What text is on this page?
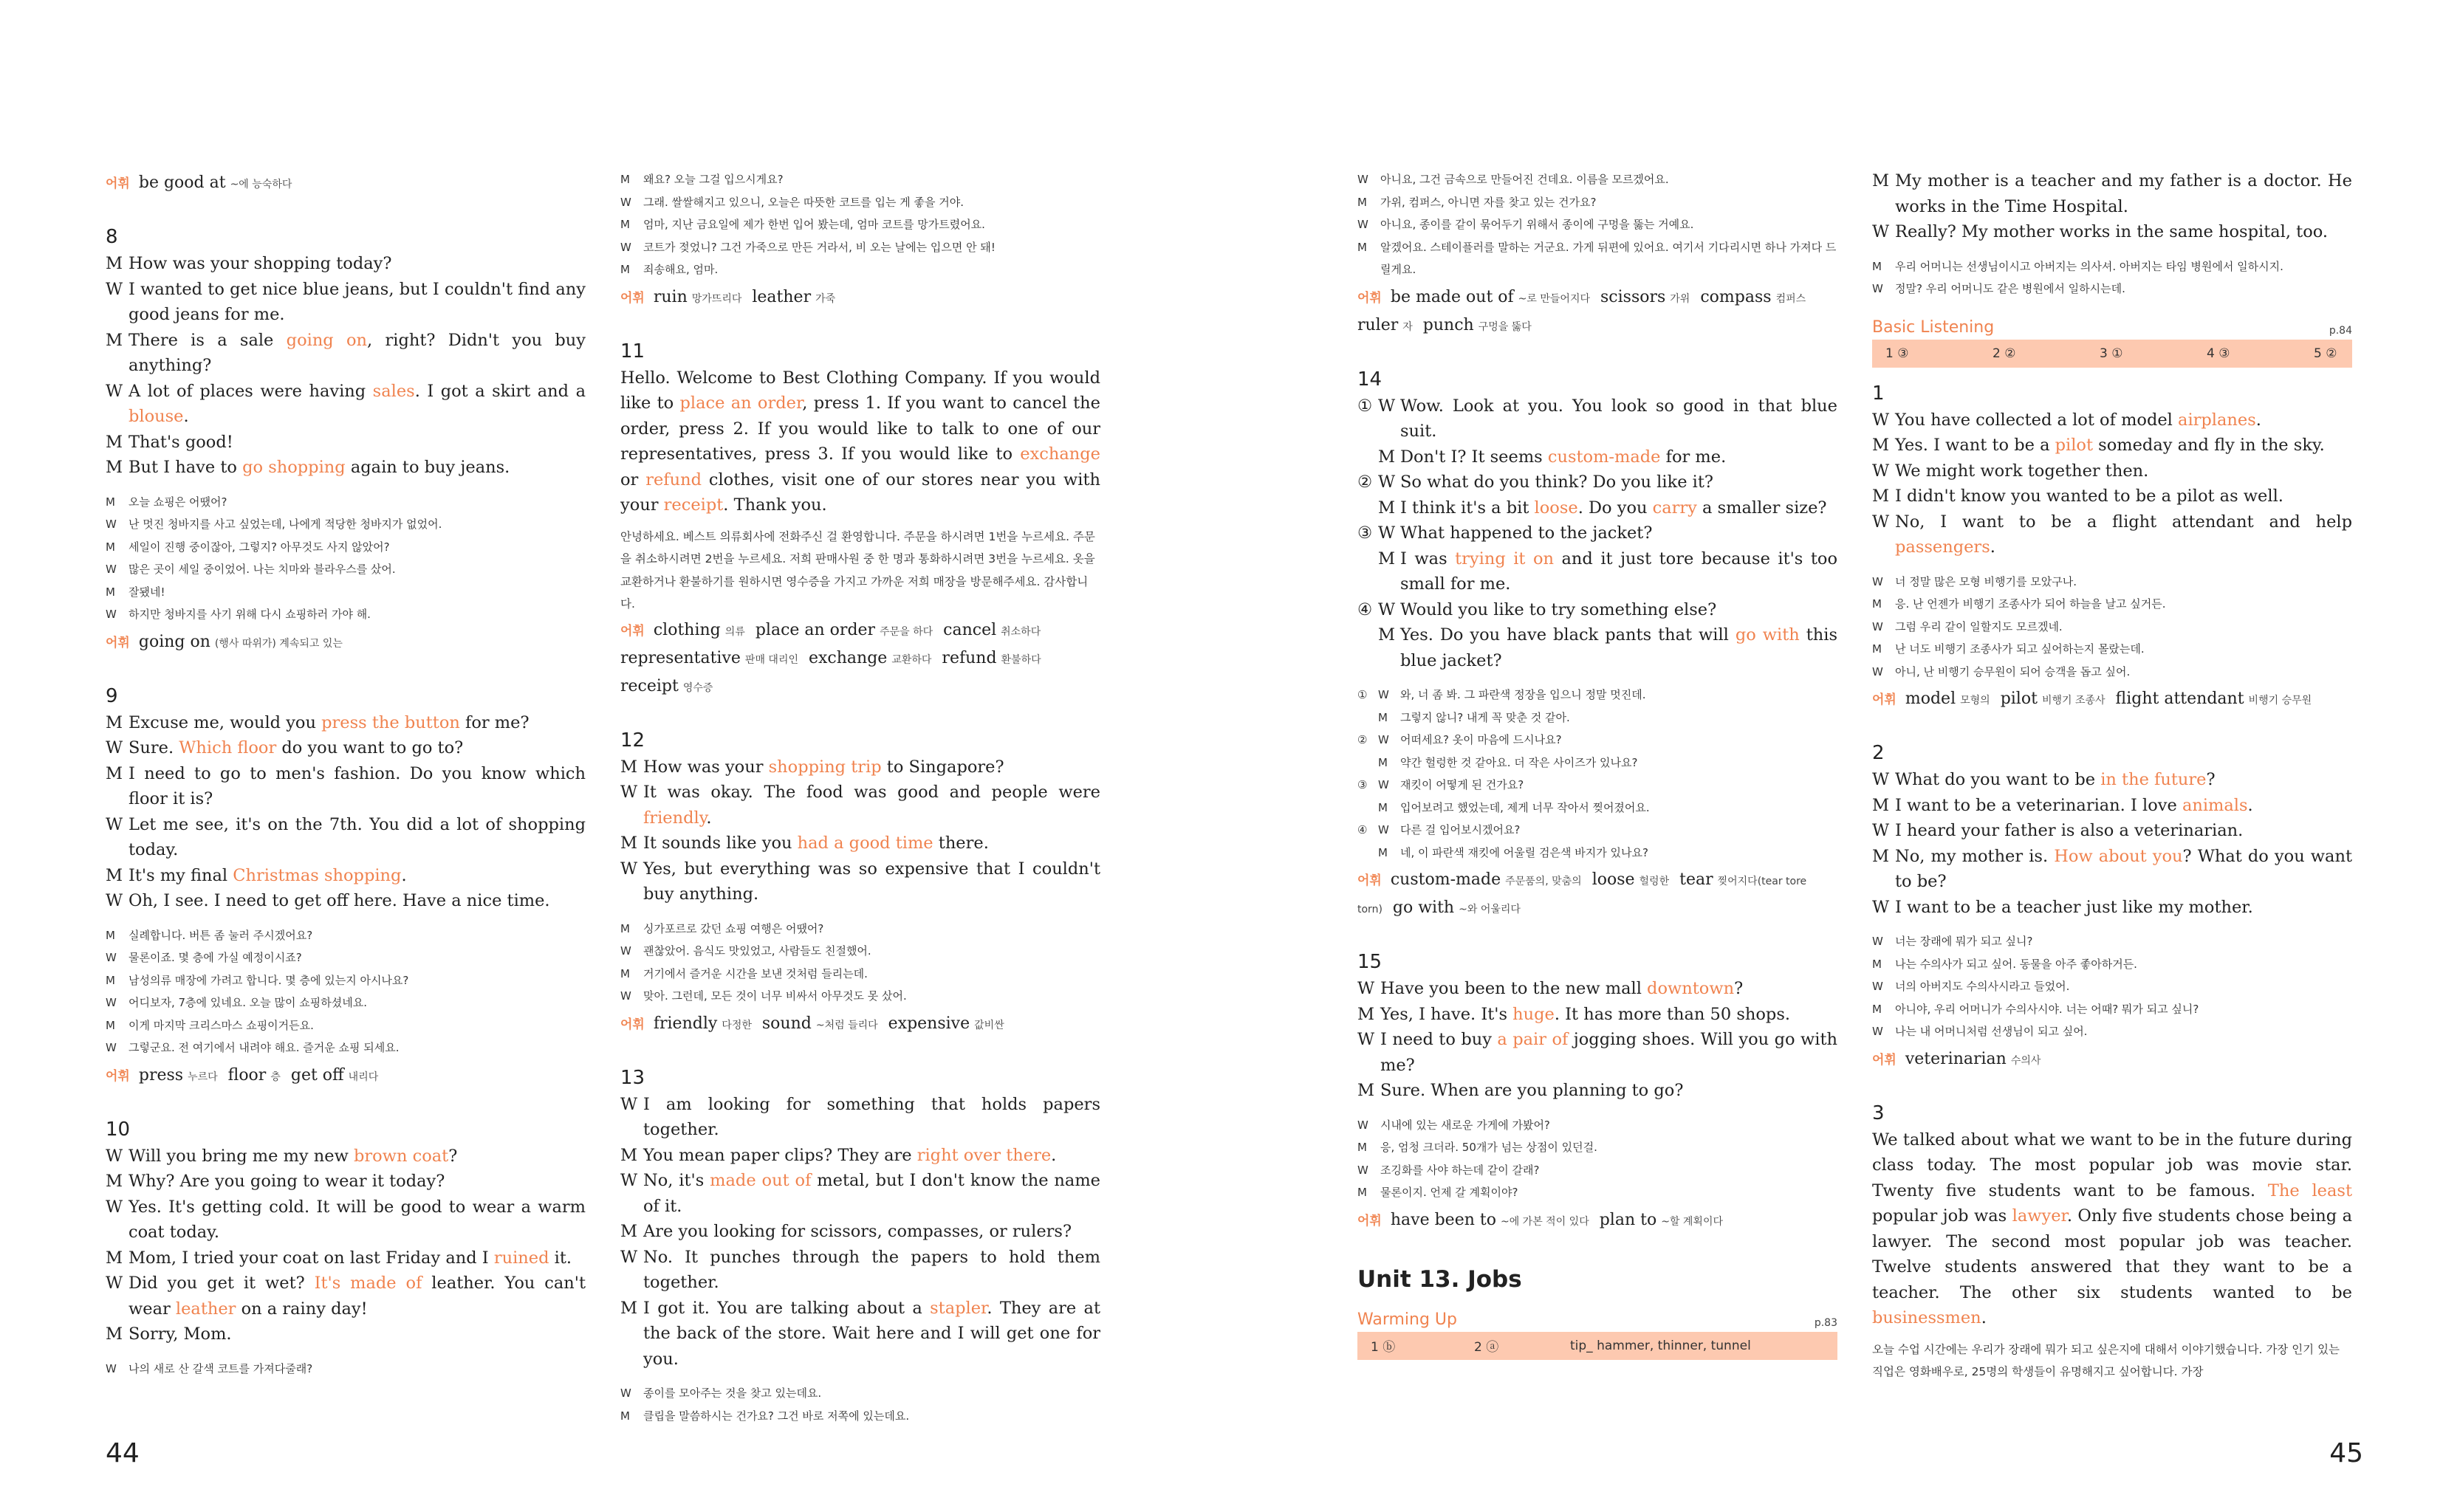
어휘 be good at ~에 능숙하다
8
M How was your shopping today?
W I wanted to get nice blue jeans, but I couldn't find any good jeans for me.
M There is a sale going on, right? Didn't you buy anything?
W A lot of places were having sales. I got a skirt and a blouse.
M That's good!
M But I have to go shopping again to buy jeans.
M	오늘 쇼핑은 어땠어?
W	난 멋진 청바지를 사고 싶었는데, 나에게 적당한 청바지가 없었어.
M	세일이 진행 중이잖아, 그렇지? 아무것도 사지 않았어?
W	많은 곳이 세일 중이었어. 나는 치마와 블라우스를 샀어.
M	잘됐네!
W	하지만 청바지를 사기 위해 다시 쇼핑하러 가야 해.
어휘 going on (행사 따위가) 계속되고 있는
9
M Excuse me, would you press the button for me?
W Sure. Which floor do you want to go to?
M I need to go to men's fashion. Do you know which floor it is?
W Let me see, it's on the 7th. You did a lot of shopping today.
M It's my final Christmas shopping.
W Oh, I see. I need to get off here. Have a nice time.
M	실례합니다. 버튼 좀 눌러 주시겠어요?
W	물론이죠. 몇 층에 가실 예정이시죠?
M	남성의류 매장에 가려고 합니다. 몇 층에 있는지 아시나요?
W	어디보자, 7층에 있네요. 오늘 많이 쇼핑하셨네요.
M	이게 마지막 크리스마스 쇼핑이거든요.
W	그렇군요. 전 여기에서 내려야 해요. 즐거운 쇼핑 되세요.
어휘 press 누르다 floor 층 get off 내리다
10
W Will you bring me my new brown coat?
M Why? Are you going to wear it today?
W Yes. It's getting cold. It will be good to wear a warm coat today.
M Mom, I tried your coat on last Friday and I ruined it.
W Did you get it wet? It's made of leather. You can't wear leather on a rainy day!
M Sorry, Mom.
W	나의 새로 산 갈색 코트를 가져다줄래?
M	왜요? 오늘 그걸 입으시게요?
W	그래. 쌀쌀해지고 있으니, 오늘은 따뜻한 코트를 입는 게 좋을 거야.
M	엄마, 지난 금요일에 제가 한번 입어 봤는데, 엄마 코트를 망가트렸어요.
W	코트가 젖었니? 그건 가죽으로 만든 거라서, 비 오는 날에는 입으면 안 돼!
M	죄송해요, 엄마.
어휘 ruin 망가뜨리다 leather 가죽
11
Hello. Welcome to Best Clothing Company. If you would like to place an order, press 1. If you want to cancel the order, press 2. If you would like to talk to one of our representatives, press 3. If you would like to exchange or refund clothes, visit one of our stores near you with your receipt. Thank you.
안녕하세요. 베스트 의류회사에 전화주신 걸 환영합니다. 주문을 하시려면 1번을 누르세요. 주문을 취소하시려면 2번을 누르세요. 저희 판매사원 중 한 명과 통화하시려면 3번을 누르세요. 옷을 교환하거나 환불하기를 원하시면 영수증을 가지고 가까운 저희 매장을 방문해주세요. 감사합니다.
어휘 clothing 의류 place an order 주문을 하다 cancel 취소하다representative 판매 대리인 exchange 교환하다 refund 환불하다receipt 영수증
12
M How was your shopping trip to Singapore?
W It was okay. The food was good and people were friendly.
M It sounds like you had a good time there.
W Yes, but everything was so expensive that I couldn't buy anything.
M	싱가포르로 갔던 쇼핑 여행은 어땠어?
W	괜찮았어. 음식도 맛있었고, 사람들도 친절했어.
M	거기에서 즐거운 시간을 보낸 것처럼 들리는데.
W	맞아. 그런데, 모든 것이 너무 비싸서 아무것도 못 샀어.
어휘 friendly 다정한 sound ~처럼 들리다 expensive 값비싼
13
W I am looking for something that holds papers together.
M You mean paper clips? They are right over there.
W No, it's made out of metal, but I don't know the name of it.
M Are you looking for scissors, compasses, or rulers?
W No. It punches through the papers to hold them together.
M I got it. You are talking about a stapler. They are at the back of the store. Wait here and I will get one for you.
W	종이를 모아주는 것을 찾고 있는데요.
M	클립을 말씀하시는 건가요? 그건 바로 저쪽에 있는데요.
W	아니요, 그건 금속으로 만들어진 건데요. 이름을 모르겠어요.
M	가위, 컴퍼스, 아니면 자를 찾고 있는 건가요?
W	아니요, 종이를 같이 묶어두기 위해서 종이에 구멍을 뚫는 거예요.
M	알겠어요. 스테이플러를 말하는 거군요. 가게 뒤편에 있어요. 여기서 기다리시면 하나 가져다 드릴게요.
어휘 be made out of ~로 만들어지다 scissors 가위 compass 컴퍼스ruler 자 punch 구멍을 뚫다
14
① W Wow. Look at you. You look so good in that blue suit.
M Don't I? It seems custom-made for me.
② W So what do you think? Do you like it?
M I think it's a bit loose. Do you carry a smaller size?
③ W What happened to the jacket?
M I was trying it on and it just tore because it's too small for me.
④ W Would you like to try something else?
M Yes. Do you have black pants that will go with this blue jacket?
① W	와, 너 좀 봐. 그 파란색 정장을 입으니 정말 멋진데.
M	그렇지 않니? 내게 꼭 맞춘 것 같아.
② W	어떠세요? 옷이 마음에 드시나요?
M	약간 헐렁한 것 같아요. 더 작은 사이즈가 있나요?
③ W	재킷이 어떻게 된 건가요?
M	입어보려고 했었는데, 제게 너무 작아서 찢어졌어요.
④ W	다른 걸 입어보시겠어요?
M	네, 이 파란색 재킷에 어울릴 검은색 바지가 있나요?
어휘 custom-made 주문품의, 맞춤의 loose 헐렁한 tear 찢어지다(tear tore torn) go with ~와 어울리다
15
W Have you been to the new mall downtown?
M Yes, I have. It's huge. It has more than 50 shops.
W I need to buy a pair of jogging shoes. Will you go with me?
M Sure. When are you planning to go?
W	시내에 있는 새로운 가게에 가봤어?
M	응, 엄청 크더라. 50개가 넘는 상점이 있던걸.
W	조깅화를 사야 하는데 같이 갈래?
M	물론이지. 언제 갈 계획이야?
어휘 have been to ~에 가본 적이 있다 plan to ~할 계획이다
Unit 13. Jobs
Warming Up	p.83
1 ⓑ	2 ⓐ	tip_ hammer, thinner, tunnel
M My mother is a teacher and my father is a doctor. He works in the Time Hospital.
W Really? My mother works in the same hospital, too.
M	우리 어머니는 선생님이시고 아버지는 의사셔. 아버지는 타임 병원에서 일하시지.
W	정말? 우리 어머니도 같은 병원에서 일하시는데.
Basic Listening	p.84
1 ③	2 ②	3 ①	4 ③	5 ②
1
W You have collected a lot of model airplanes.
M Yes. I want to be a pilot someday and fly in the sky.
W We might work together then.
M I didn't know you wanted to be a pilot as well.
W No, I want to be a flight attendant and help passengers.
W	너 정말 많은 모형 비행기를 모았구나.
M	응. 난 언젠가 비행기 조종사가 되어 하늘을 날고 싶거든.
W	그럼 우리 같이 일할지도 모르겠네.
M	난 너도 비행기 조종사가 되고 싶어하는지 몰랐는데.
W	아니, 난 비행기 승무원이 되어 승객을 돕고 싶어.
어휘 model 모형의 pilot 비행기 조종사 flight attendant 비행기 승무원
2
W What do you want to be in the future?
M I want to be a veterinarian. I love animals.
W I heard your father is also a veterinarian.
M No, my mother is. How about you? What do you want to be?
W I want to be a teacher just like my mother.
W	너는 장래에 뭐가 되고 싶니?
M	나는 수의사가 되고 싶어. 동물을 아주 좋아하거든.
W	너의 아버지도 수의사시라고 들었어.
M	아니야, 우리 어머니가 수의사시야. 너는 어때? 뭐가 되고 싶니?
W	나는 내 어머니처럼 선생님이 되고 싶어.
어휘 veterinarian 수의사
3
We talked about what we want to be in the future during class today. The most popular job was movie star. Twenty five students want to be famous. The least popular job was lawyer. Only five students chose being a lawyer. The second most popular job was teacher. Twelve students answered that they want to be a teacher. The other six students wanted to be businessmen.
오늘 수업 시간에는 우리가 장래에 뭐가 되고 싶은지에 대해서 이야기했습니다. 가장 인기 있는 직업은 영화배우로, 25명의 학생들이 유명해지고 싶어합니다. 가장
44	45
